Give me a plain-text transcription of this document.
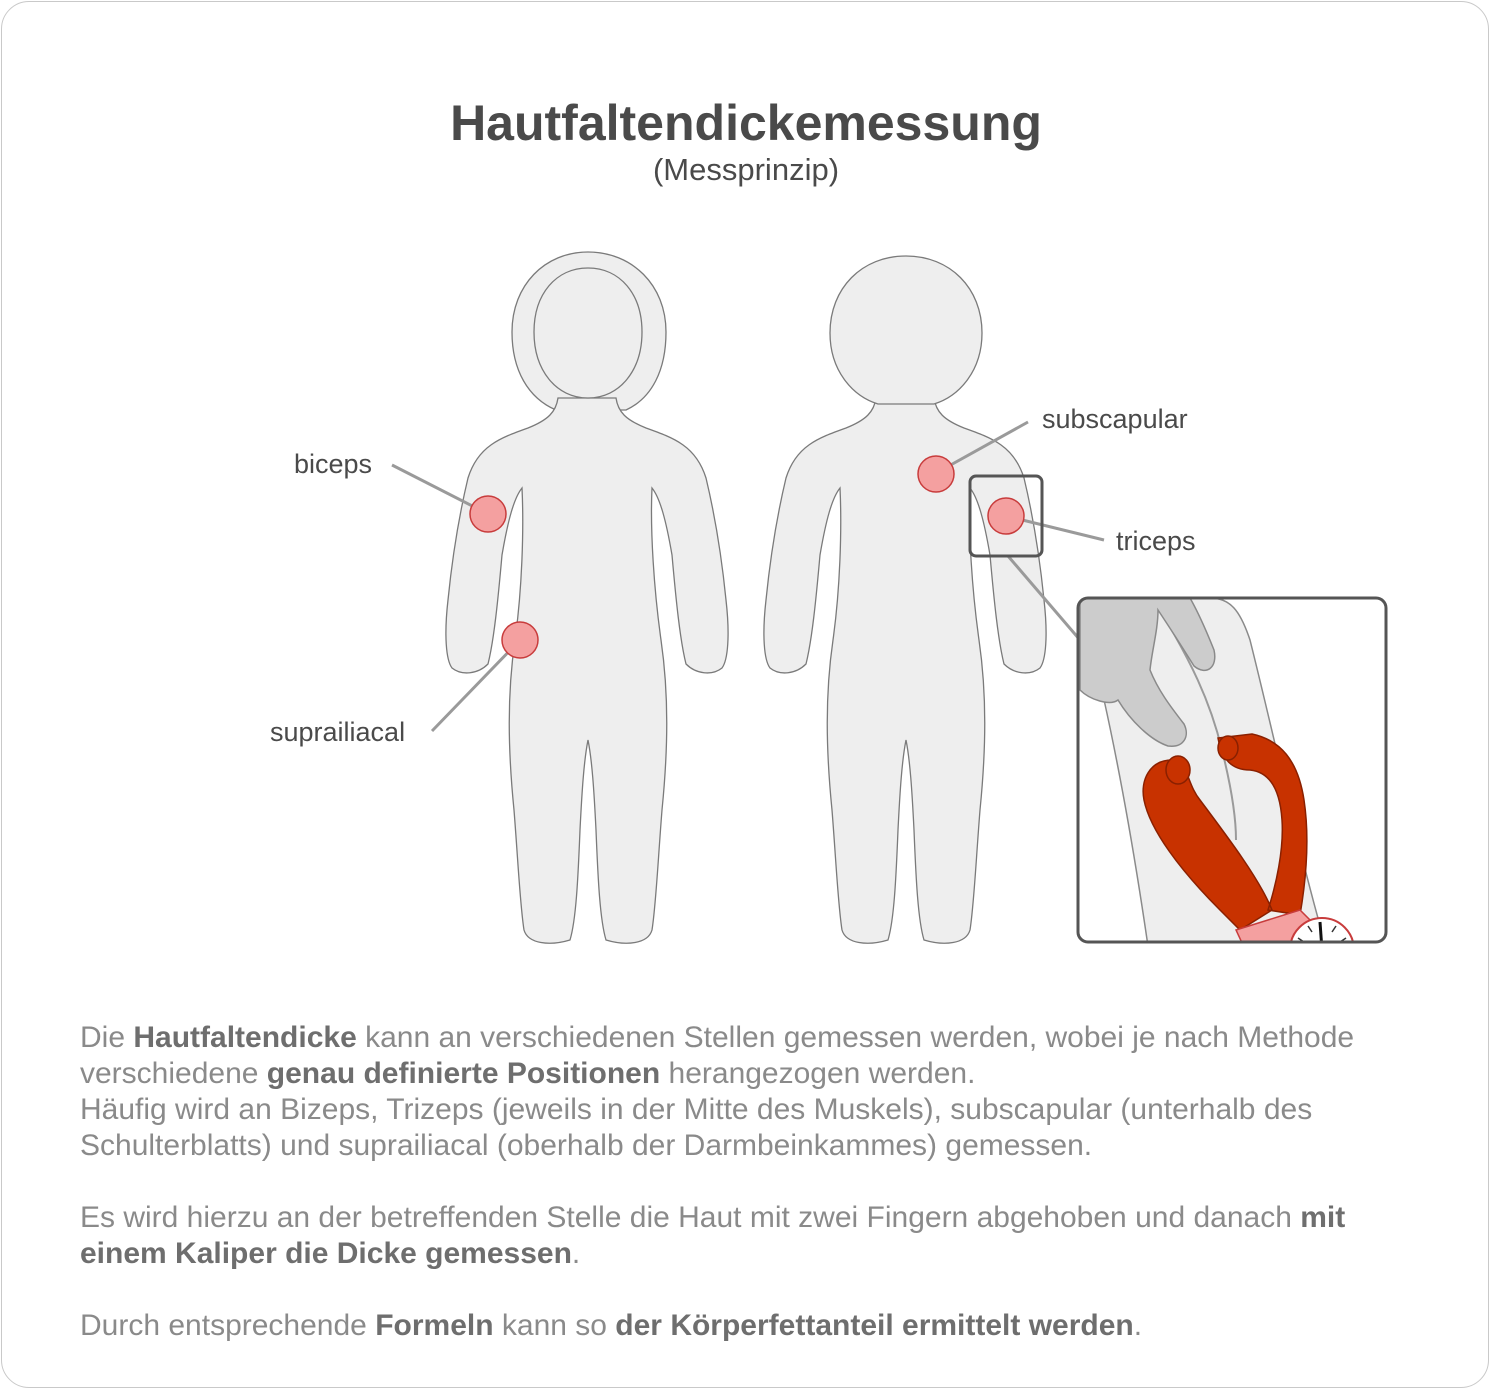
Hautfaltendickemessung
(Messprinzip)
biceps
suprailiacal
subscapular
triceps

Die Hautfaltendicke kann an verschiedenen Stellen gemessen werden, wobei je nach Methode verschiedene genau definierte Positionen herangezogen werden.
Häufig wird an Bizeps, Trizeps (jeweils in der Mitte des Muskels), subscapular (unterhalb des Schulterblatts) und suprailiacal (oberhalb der Darmbeinkammes) gemessen.

Es wird hierzu an der betreffenden Stelle die Haut mit zwei Fingern abgehoben und danach mit einem Kaliper die Dicke gemessen.

Durch entsprechende Formeln kann so der Körperfettanteil ermittelt werden.
